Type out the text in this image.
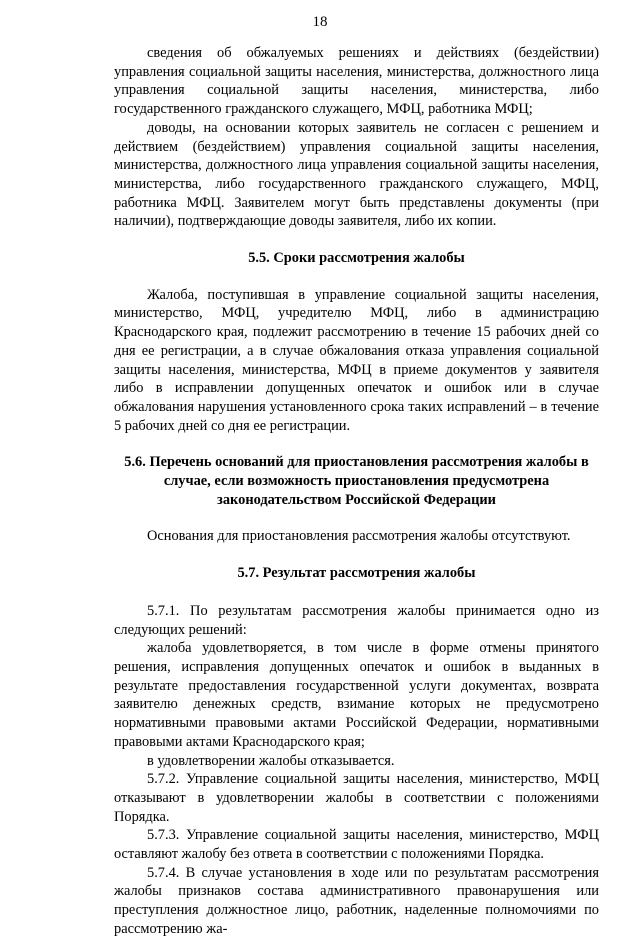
18

сведения об обжалуемых решениях и действиях (бездействии) управления социальной защиты населения, министерства, должностного лица управления социальной защиты населения, министерства, либо государственного гражданского служащего, МФЦ, работника МФЦ;

доводы, на основании которых заявитель не согласен с решением и действием (бездействием) управления социальной защиты населения, министерства, должностного лица управления социальной защиты населения, министерства, либо государственного гражданского служащего, МФЦ, работника МФЦ. Заявителем могут быть представлены документы (при наличии), подтверждающие доводы заявителя, либо их копии.

5.5. Сроки рассмотрения жалобы

Жалоба, поступившая в управление социальной защиты населения, министерство, МФЦ, учредителю МФЦ, либо в администрацию Краснодарского края, подлежит рассмотрению в течение 15 рабочих дней со дня ее регистрации, а в случае обжалования отказа управления социальной защиты населения, министерства, МФЦ в приеме документов у заявителя либо в исправлении допущенных опечаток и ошибок или в случае обжалования нарушения установленного срока таких исправлений – в течение 5 рабочих дней со дня ее регистрации.

5.6. Перечень оснований для приостановления рассмотрения жалобы в случае, если возможность приостановления предусмотрена законодательством Российской Федерации

Основания для приостановления рассмотрения жалобы отсутствуют.

5.7. Результат рассмотрения жалобы

5.7.1. По результатам рассмотрения жалобы принимается одно из следующих решений:

жалоба удовлетворяется, в том числе в форме отмены принятого решения, исправления допущенных опечаток и ошибок в выданных в результате предоставления государственной услуги документах, возврата заявителю денежных средств, взимание которых не предусмотрено нормативными правовыми актами Российской Федерации, нормативными правовыми актами Краснодарского края;

в удовлетворении жалобы отказывается.

5.7.2. Управление социальной защиты населения, министерство, МФЦ отказывают в удовлетворении жалобы в соответствии с положениями Порядка.

5.7.3. Управление социальной защиты населения, министерство, МФЦ оставляют жалобу без ответа в соответствии с положениями Порядка.

5.7.4. В случае установления в ходе или по результатам рассмотрения жалобы признаков состава административного правонарушения или преступления должностное лицо, работник, наделенные полномочиями по рассмотрению жа-
